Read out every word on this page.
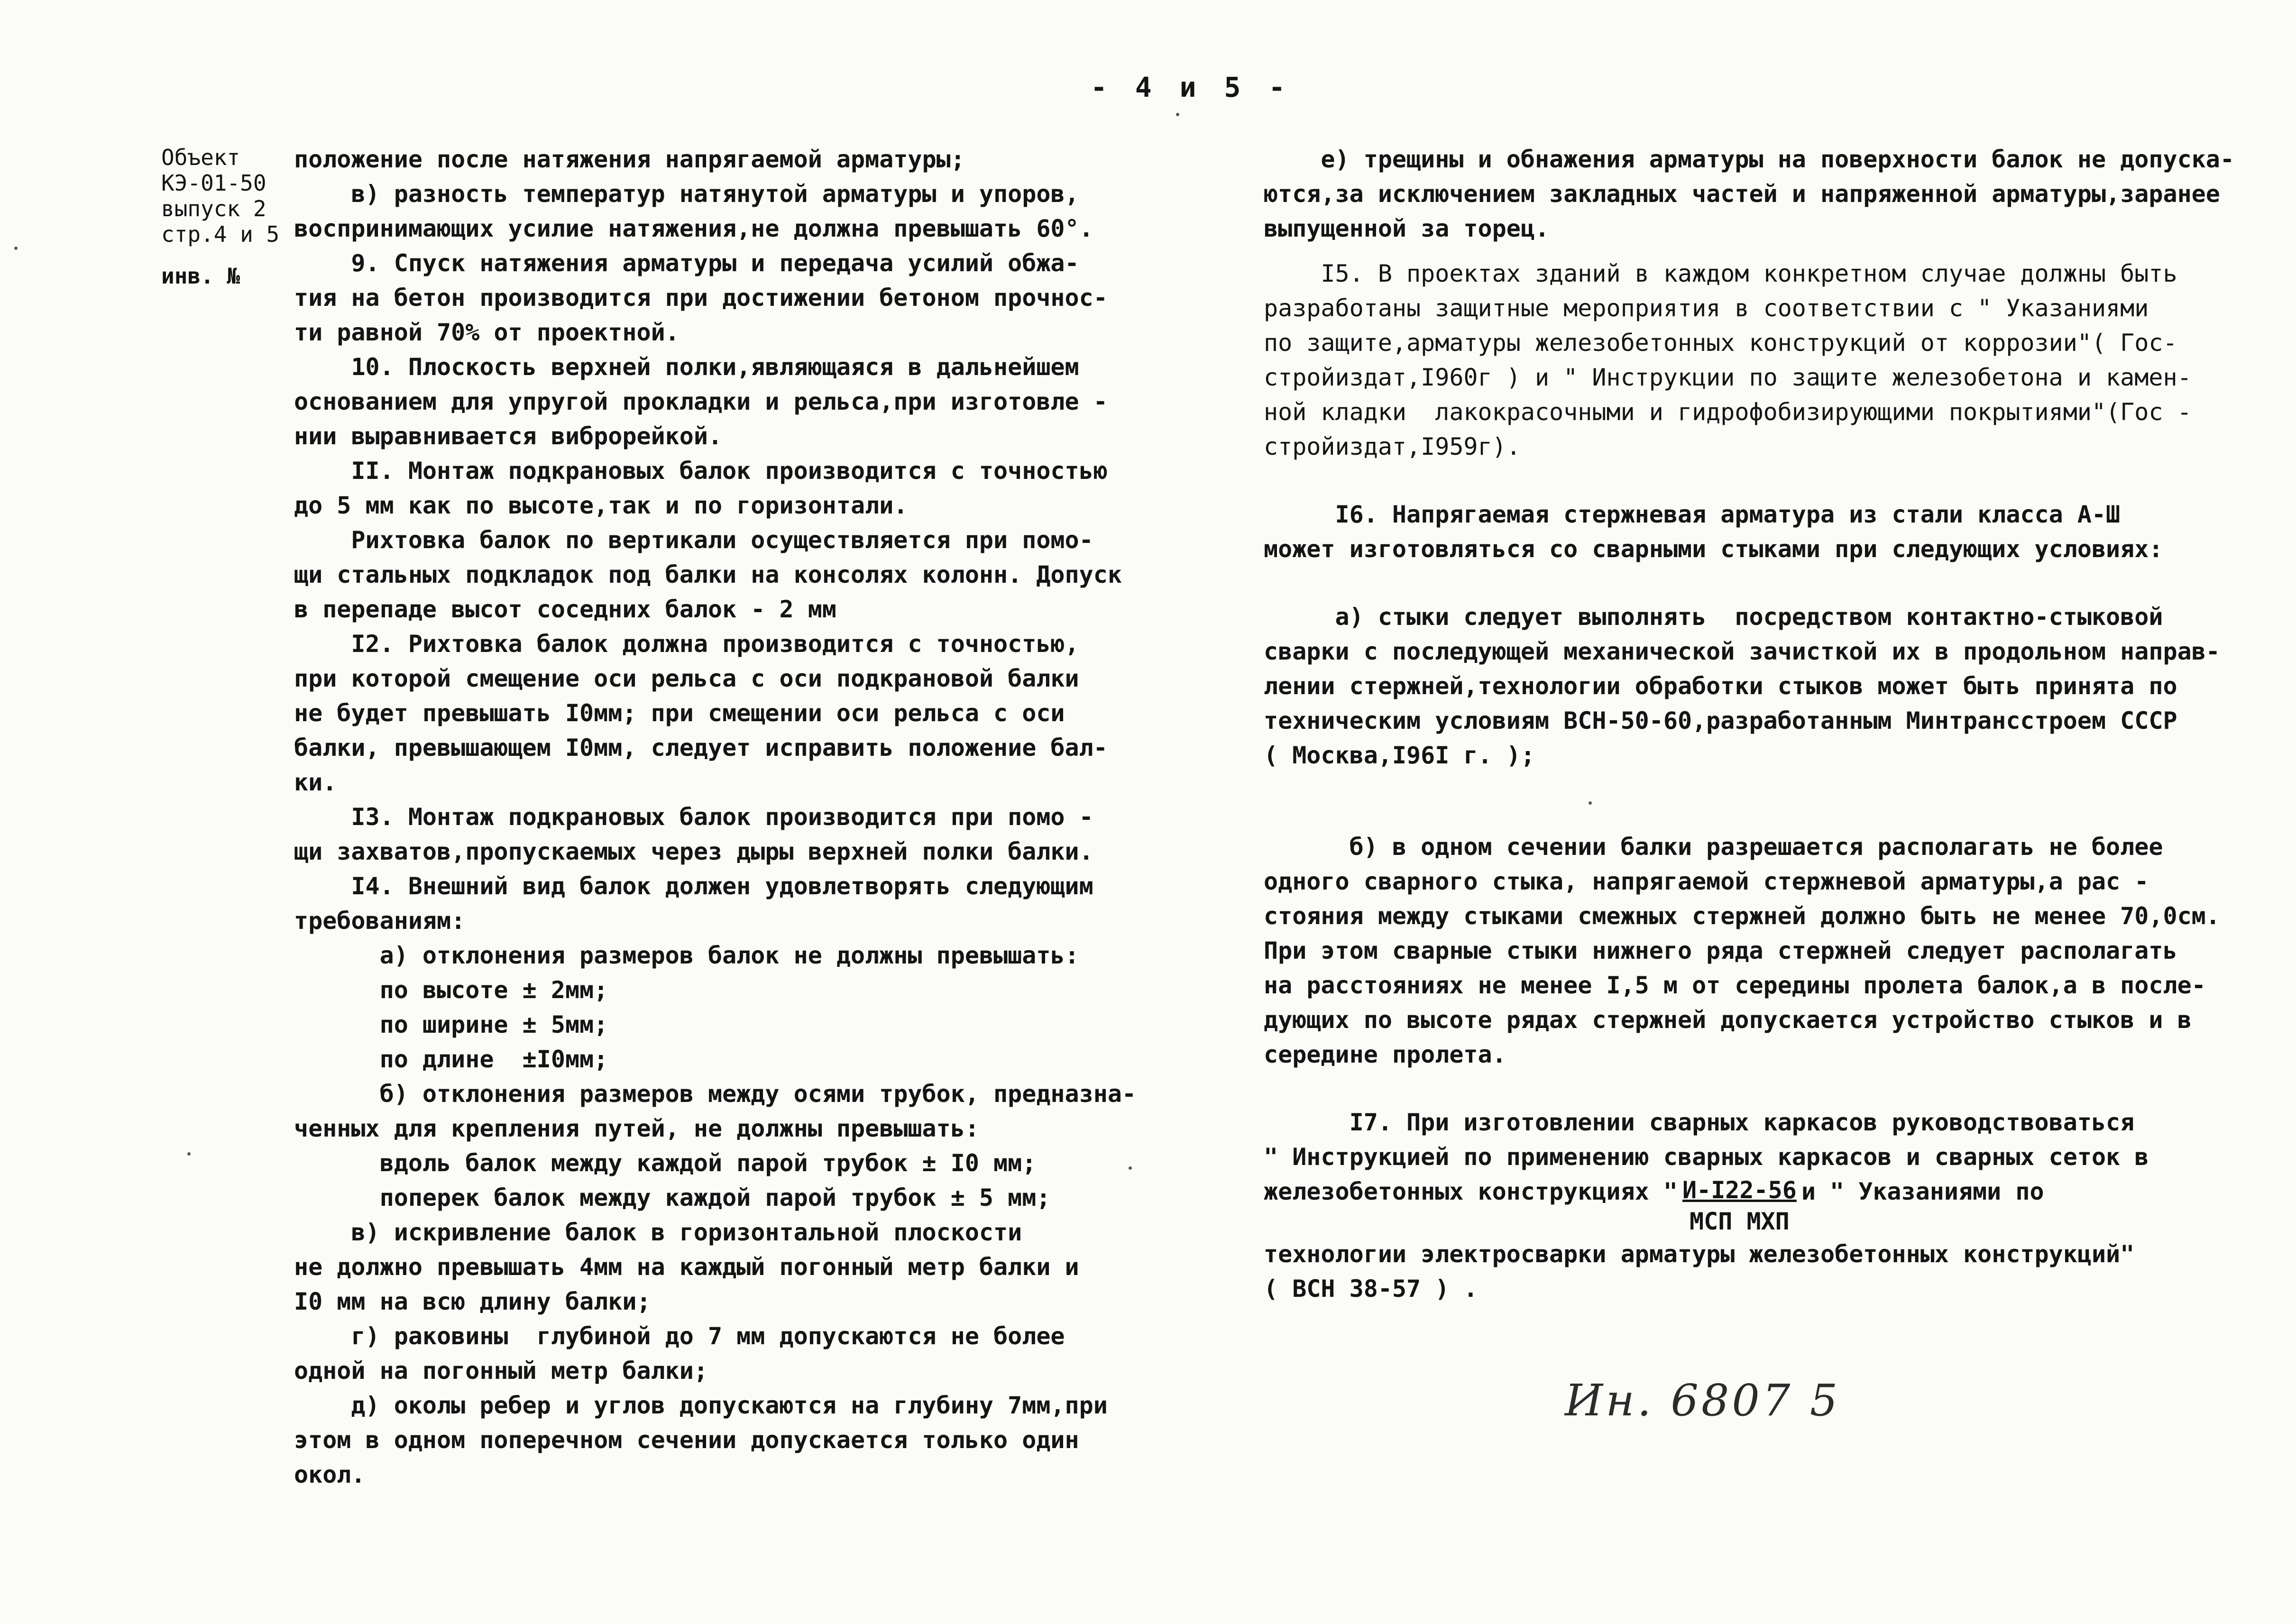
- 4 и 5 -
Объект
КЭ-01-50
выпуск 2
стр.4 и 5
инв. №
положение после натяжения напрягаемой арматуры;
в) разность температур натянутой арматуры и упоров,
воспринимающих усилие натяжения,не должна превышать 60°.
9. Спуск натяжения арматуры и передача усилий обжа-
тия на бетон производится при достижении бетоном прочнос-
ти равной 70% от проектной.
10. Плоскость верхней полки,являющаяся в дальнейшем
основанием для упругой прокладки и рельса,при изготовле -
нии выравнивается виброрейкой.
II. Монтаж подкрановых балок производится с точностью
до 5 мм как по высоте,так и по горизонтали.
Рихтовка балок по вертикали осуществляется при помо-
щи стальных подкладок под балки на консолях колонн. Допуск
в перепаде высот соседних балок - 2 мм
I2. Рихтовка балок должна производится с точностью,
при которой смещение оси рельса с оси подкрановой балки
не будет превышать I0мм; при смещении оси рельса с оси
балки, превышающем I0мм, следует исправить положение бал-
ки.
I3. Монтаж подкрановых балок производится при помо -
щи захватов,пропускаемых через дыры верхней полки балки.
I4. Внешний вид балок должен удовлетворять следующим
требованиям:
а) отклонения размеров балок не должны превышать:
по высоте ± 2мм;
по ширине ± 5мм;
по длине  ±I0мм;
б) отклонения размеров между осями трубок, предназна-
ченных для крепления путей, не должны превышать:
вдоль балок между каждой парой трубок ± I0 мм;
поперек балок между каждой парой трубок ± 5 мм;
в) искривление балок в горизонтальной плоскости
не должно превышать 4мм на каждый погонный метр балки и
I0 мм на всю длину балки;
г) раковины  глубиной до 7 мм допускаются не более
одной на погонный метр балки;
д) околы ребер и углов допускаются на глубину 7мм,при
этом в одном поперечном сечении допускается только один
окол.
е) трещины и обнажения арматуры на поверхности балок не допуска-
ются,за исключением закладных частей и напряженной арматуры,заранее
выпущенной за торец.
I5. В проектах зданий в каждом конкретном случае должны быть
разработаны защитные мероприятия в соответствии с " Указаниями
по защите,арматуры железобетонных конструкций от коррозии"( Гос-
стройиздат,I960г ) и " Инструкции по защите железобетона и камен-
ной кладки  лакокрасочными и гидрофобизирующими покрытиями"(Гос -
стройиздат,I959г).
I6. Напрягаемая стержневая арматура из стали класса А-Ш
может изготовляться со сварными стыками при следующих условиях:
а) стыки следует выполнять  посредством контактно-стыковой
сварки с последующей механической зачисткой их в продольном направ-
лении стержней,технологии обработки стыков может быть принята по
техническим условиям ВСН-50-60,разработанным Минтрансстроем СССР
( Москва,I96I г. );
б) в одном сечении балки разрешается располагать не более
одного сварного стыка, напрягаемой стержневой арматуры,а рас -
стояния между стыками смежных стержней должно быть не менее 70,0см.
При этом сварные стыки нижнего ряда стержней следует располагать
на расстояниях не менее I,5 м от середины пролета балок,а в после-
дующих по высоте рядах стержней допускается устройство стыков и в
середине пролета.
I7. При изготовлении сварных каркасов руководствоваться
" Инструкцией по применению сварных каркасов и сварных сеток в
железобетонных конструкциях " И-I22-56
МСП МХП
и " Указаниями по
технологии электросварки арматуры железобетонных конструкций"
( ВСН 38-57 ) .
Ин. 6807 5
